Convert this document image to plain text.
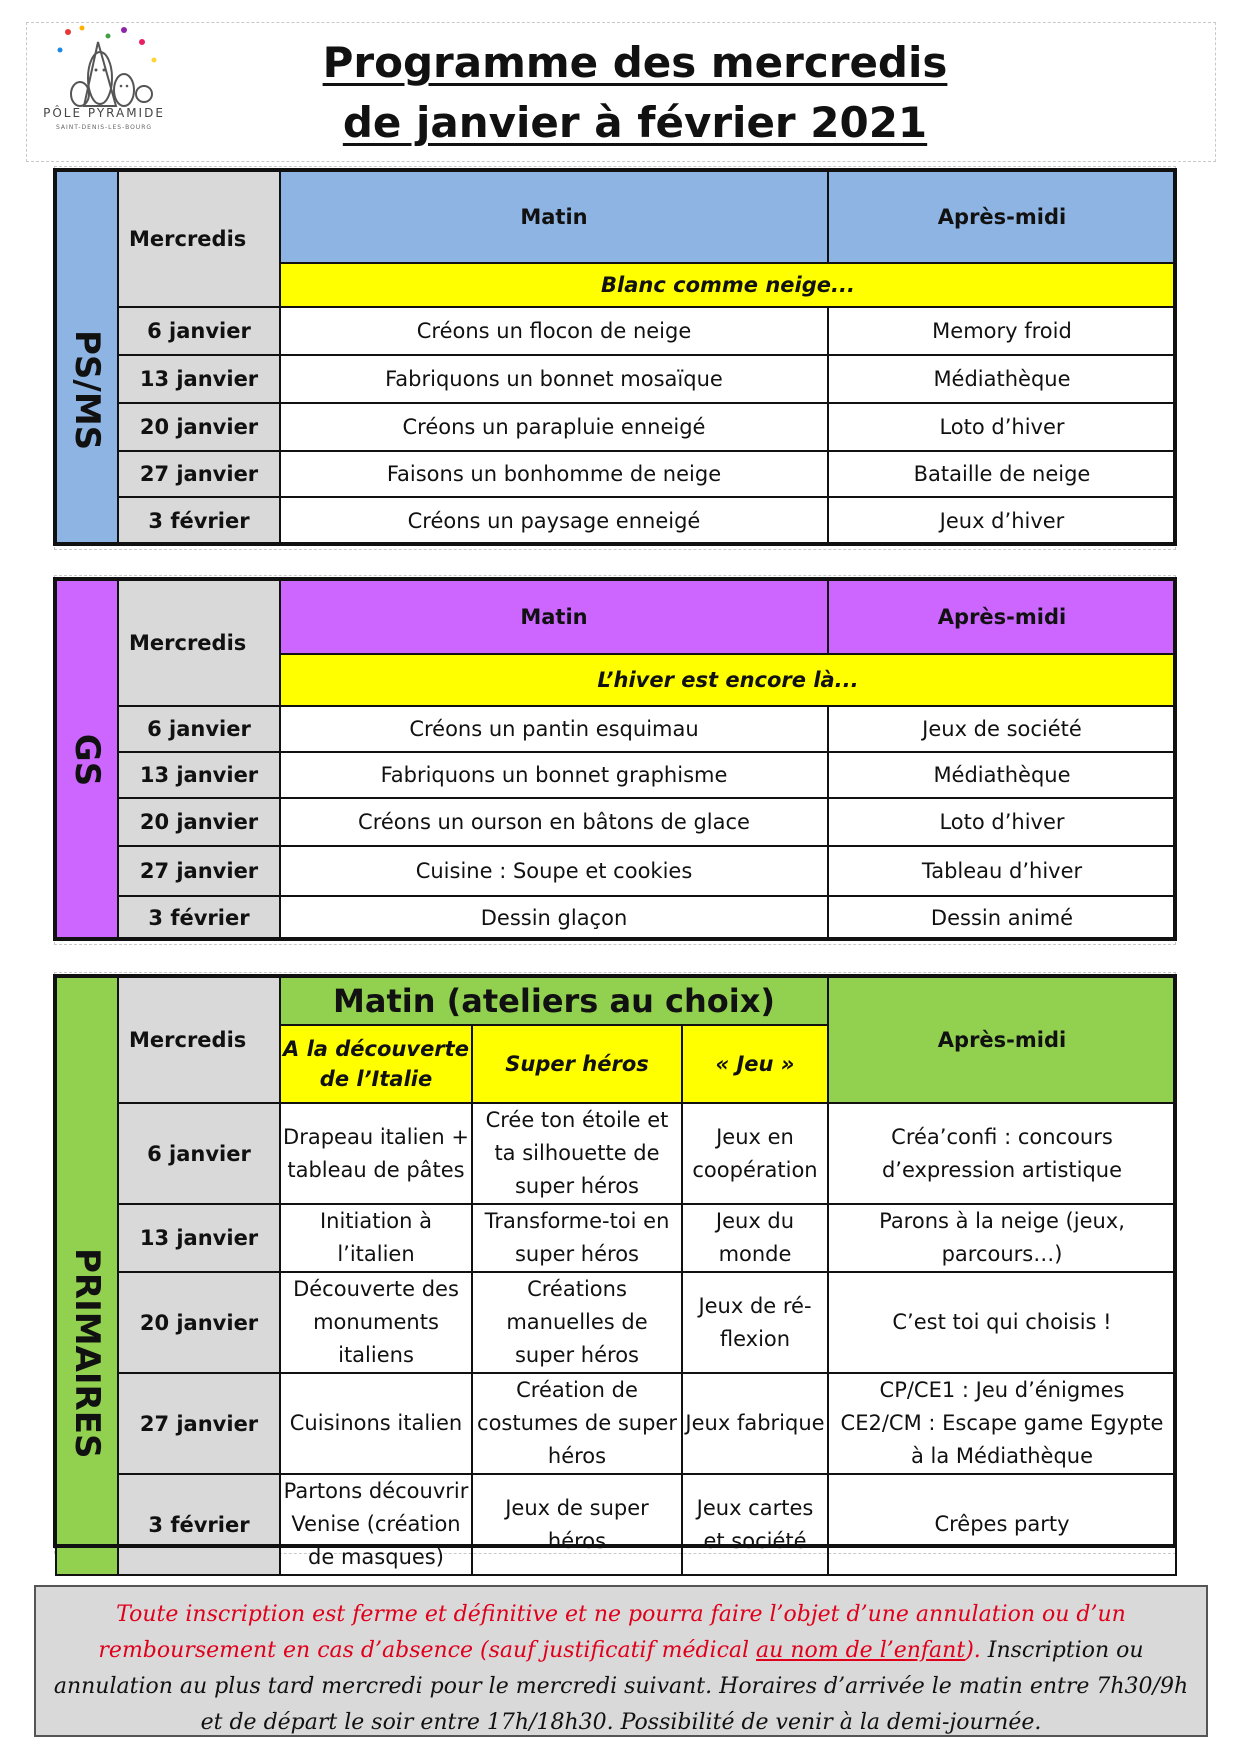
PÔLE PYRAMIDE
SAINT-DENIS-LES-BOURG
Programme des mercredis
de janvier à février 2021
PS/MS	Mercredis	Matin	Après-midi
		Blanc comme neige...	
	6 janvier	Créons un flocon de neige	Memory froid
	13 janvier	Fabriquons un bonnet mosaïque	Médiathèque
	20 janvier	Créons un parapluie enneigé	Loto d’hiver
	27 janvier	Faisons un bonhomme de neige	Bataille de neige
	3 février	Créons un paysage enneigé	Jeux d’hiver
GS	Mercredis	Matin	Après-midi
		L’hiver est encore là...	
	6 janvier	Créons un pantin esquimau	Jeux de société
	13 janvier	Fabriquons un bonnet graphisme	Médiathèque
	20 janvier	Créons un ourson en bâtons de glace	Loto d’hiver
	27 janvier	Cuisine : Soupe et cookies	Tableau d’hiver
	3 février	Dessin glaçon	Dessin animé
PRIMAIRES	Mercredis	Matin (ateliers au choix)			Après-midi
		A la découverte de l’Italie	Super héros	« Jeu »	
	6 janvier	Drapeau italien + tableau de pâtes	Crée ton étoile et ta silhouette de super héros	Jeux en coopération	Créa’confi : concours d’expression artistique
	13 janvier	Initiation à l’italien	Transforme-toi en super héros	Jeux du monde	Parons à la neige (jeux, parcours…)
	20 janvier	Découverte des monuments italiens	Créations manuelles de super héros	Jeux de ré-flexion	C’est toi qui choisis !
	27 janvier	Cuisinons italien	Création de costumes de super héros	Jeux fabrique	CP/CE1 : Jeu d’énigmes
CE2/CM : Escape game Egypte à la Médiathèque

	3 février	Partons découvrir Venise (création de masques)	Jeux de super héros	Jeux cartes et société	Crêpes party
Toute inscription est ferme et définitive et ne pourra faire l’objet d’une annulation ou d’un remboursement en cas d’absence (sauf justificatif médical au nom de l’enfant). Inscription ou annulation au plus tard mercredi pour le mercredi suivant. Horaires d’arrivée le matin entre 7h30/9h et de départ le soir entre 17h/18h30. Possibilité de venir à la demi-journée.
